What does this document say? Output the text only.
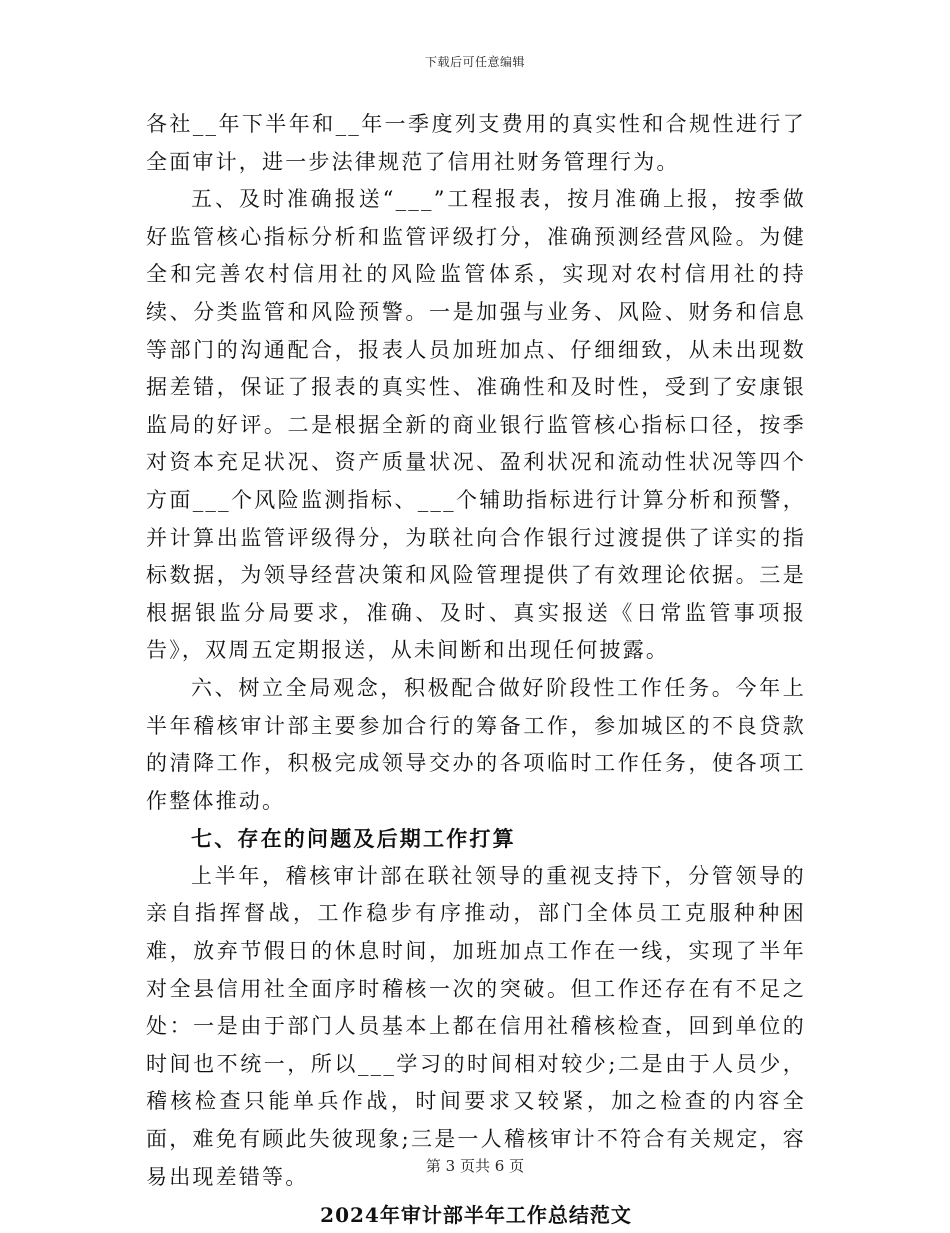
下载后可任意编辑

各社__年下半年和__年一季度列支费用的真实性和合规性进行了全面审计，进一步法律规范了信用社财务管理行为。

五、及时准确报送“___”工程报表，按月准确上报，按季做好监管核心指标分析和监管评级打分，准确预测经营风险。为健全和完善农村信用社的风险监管体系，实现对农村信用社的持续、分类监管和风险预警。一是加强与业务、风险、财务和信息等部门的沟通配合，报表人员加班加点、仔细细致，从未出现数据差错，保证了报表的真实性、准确性和及时性，受到了安康银监局的好评。二是根据全新的商业银行监管核心指标口径，按季对资本充足状况、资产质量状况、盈利状况和流动性状况等四个方面___个风险监测指标、___个辅助指标进行计算分析和预警，并计算出监管评级得分，为联社向合作银行过渡提供了详实的指标数据，为领导经营决策和风险管理提供了有效理论依据。三是根据银监分局要求，准确、及时、真实报送《日常监管事项报告》，双周五定期报送，从未间断和出现任何披露。

六、树立全局观念，积极配合做好阶段性工作任务。今年上半年稽核审计部主要参加合行的筹备工作，参加城区的不良贷款的清降工作，积极完成领导交办的各项临时工作任务，使各项工作整体推动。

七、存在的问题及后期工作打算

上半年，稽核审计部在联社领导的重视支持下，分管领导的亲自指挥督战，工作稳步有序推动，部门全体员工克服种种困难，放弃节假日的休息时间，加班加点工作在一线，实现了半年对全县信用社全面序时稽核一次的突破。但工作还存在有不足之处：一是由于部门人员基本上都在信用社稽核检查，回到单位的时间也不统一，所以___学习的时间相对较少;二是由于人员少，稽核检查只能单兵作战，时间要求又较紧，加之检查的内容全面，难免有顾此失彼现象;三是一人稽核审计不符合有关规定，容易出现差错等。

2024年审计部半年工作总结范文

第 3 页共 6 页
